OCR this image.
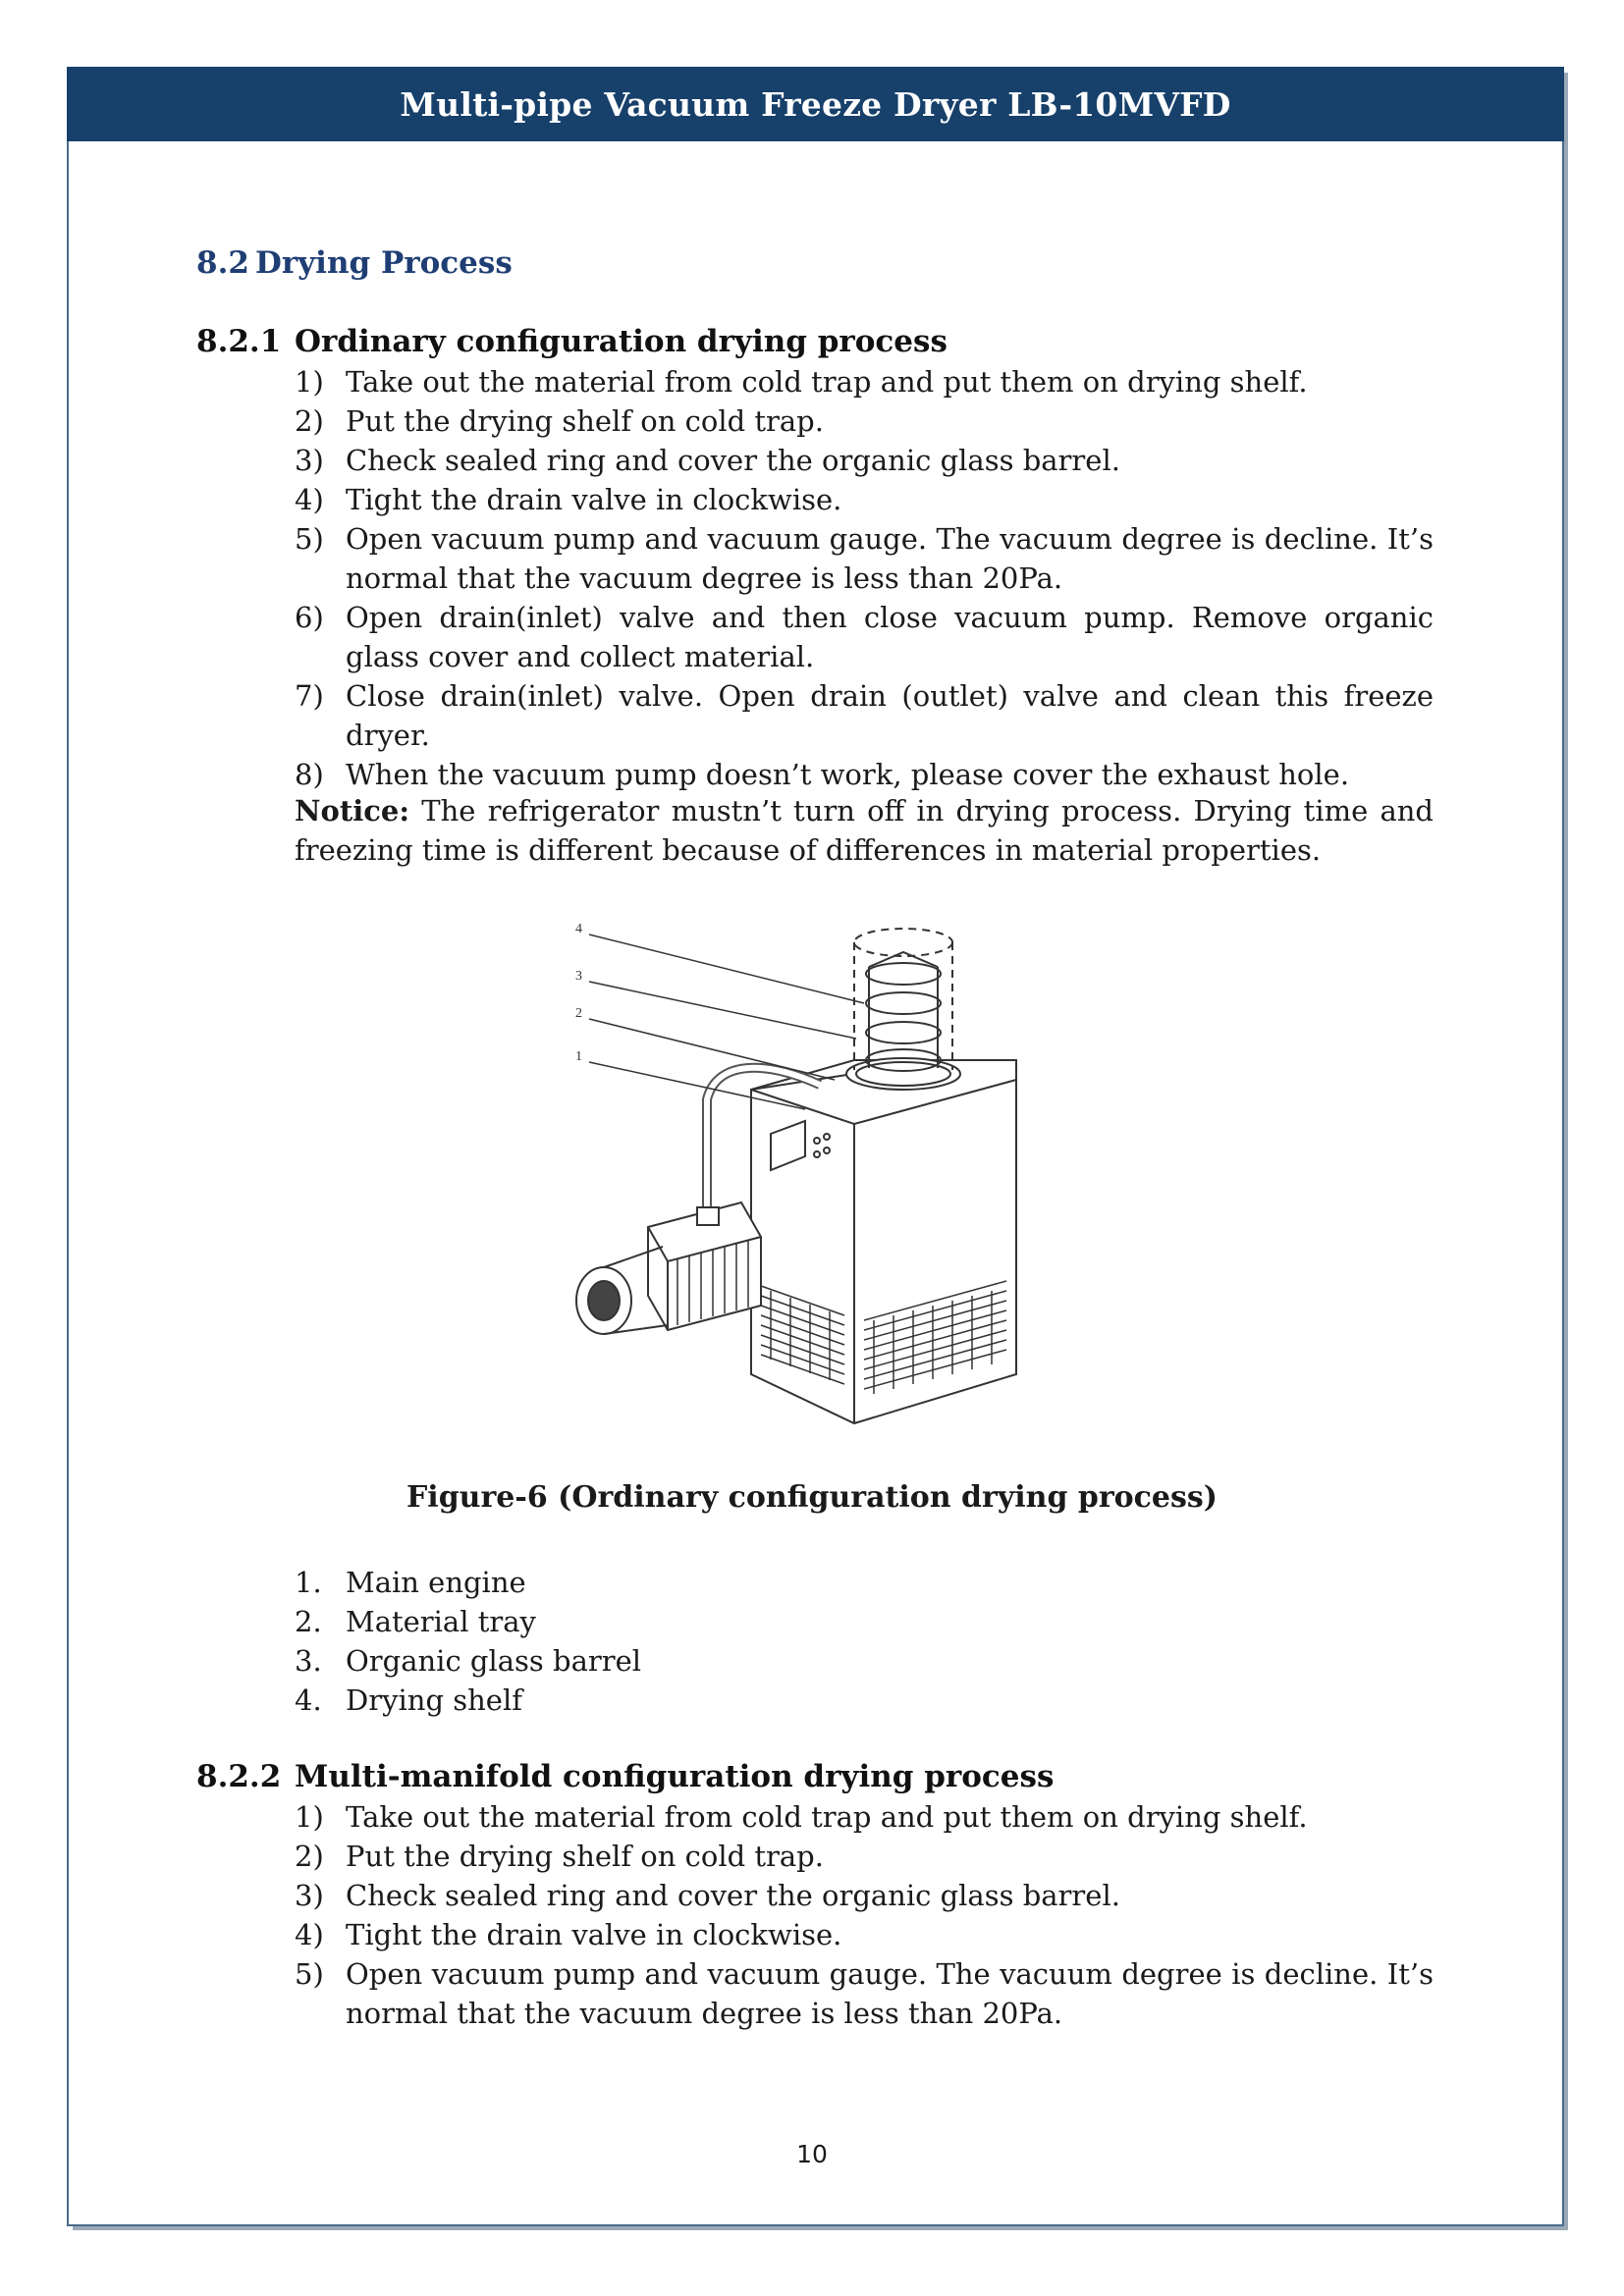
Multi-pipe Vacuum Freeze Dryer LB-10MVFD
8.2 Drying Process
8.2.1 Ordinary configuration drying process
1) Take out the material from cold trap and put them on drying shelf.
2) Put the drying shelf on cold trap.
3) Check sealed ring and cover the organic glass barrel.
4) Tight the drain valve in clockwise.
5) Open vacuum pump and vacuum gauge. The vacuum degree is decline. It’s normal that the vacuum degree is less than 20Pa.
6) Open drain(inlet) valve and then close vacuum pump. Remove organic glass cover and collect material.
7) Close drain(inlet) valve. Open drain (outlet) valve and clean this freeze dryer.
8) When the vacuum pump doesn’t work, please cover the exhaust hole.
Notice: The refrigerator mustn’t turn off in drying process. Drying time and freezing time is different because of differences in material properties.
4
3
2
1
Figure-6 (Ordinary configuration drying process)
1. Main engine
2. Material tray
3. Organic glass barrel
4. Drying shelf
8.2.2 Multi-manifold configuration drying process
1) Take out the material from cold trap and put them on drying shelf.
2) Put the drying shelf on cold trap.
3) Check sealed ring and cover the organic glass barrel.
4) Tight the drain valve in clockwise.
5) Open vacuum pump and vacuum gauge. The vacuum degree is decline. It’s normal that the vacuum degree is less than 20Pa.
10
